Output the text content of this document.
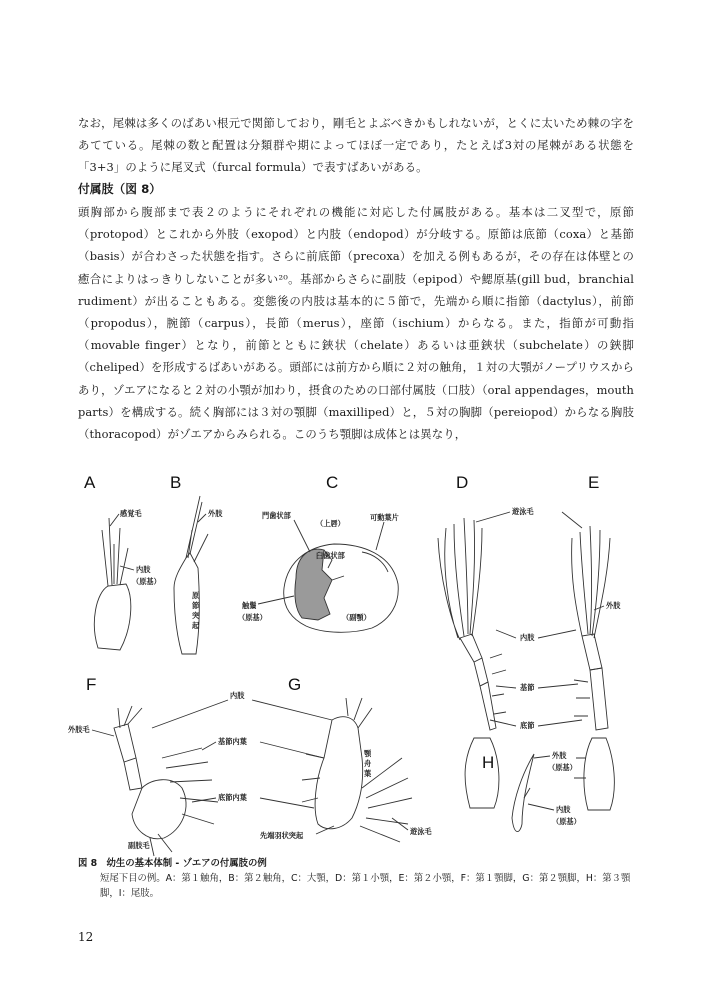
なお，尾棘は多くのばあい根元で関節しており，剛毛とよぶべきかもしれないが，とくに太いため棘の字をあてている。尾棘の数と配置は分類群や期によってほぼ一定であり，たとえば3対の尾棘がある状態を「3+3」のように尾叉式（furcal formula）で表すばあいがある。

付属肢（図 8）

頭胸部から腹部まで表２のようにそれぞれの機能に対応した付属肢がある。基本は二叉型で，原節（protopod）とこれから外肢（exopod）と内肢（endopod）が分岐する。原節は底節（coxa）と基節（basis）が合わさった状態を指す。さらに前底節（precoxa）を加える例もあるが，その存在は体壁との癒合によりはっきりしないことが多い²⁰。基部からさらに副肢（epipod）や鰓原基(gill bud，branchial rudiment）が出ることもある。変態後の内肢は基本的に５節で，先端から順に指節（dactylus），前節（propodus），腕節（carpus），長節（merus），座節（ischium）からなる。また，指節が可動指（movable finger）となり，前節とともに鋏状（chelate）あるいは亜鋏状（subchelate）の鋏脚（cheliped）を形成するばあいがある。頭部には前方から順に２対の触角，１対の大顎がノープリウスからあり，ゾエアになると２対の小顎が加わり，摂食のための口部付属肢（口肢）（oral appendages，mouth parts）を構成する。続く胸部には３対の顎脚（maxilliped）と，５対の胸脚（pereiopod）からなる胸肢（thoracopod）がゾエアからみられる。このうち顎脚は成体とは異なり，

A
感覚毛
内肢
（原基）
B
外肢
原
節
突
起
C
門歯状部
（上唇）
可動葉片
臼歯状部
触鬚
（原基）	（副顎）
D
遊泳毛
E
外肢
内肢
基節
底節
F
外肢毛
内肢
基節内葉
底節内葉
副肢毛
G
顎
舟
葉
先端羽状突起	遊泳毛
H	外肢
（原基）
内肢
（原基）
図 8　幼生の基本体制 - ゾエアの付属肢の例
短尾下目の例。A：第１触角，B：第２触角，C：大顎，D：第１小顎，E：第２小顎，F：第１顎脚，G：第２顎脚，H：第３顎脚，I：尾肢。
12
